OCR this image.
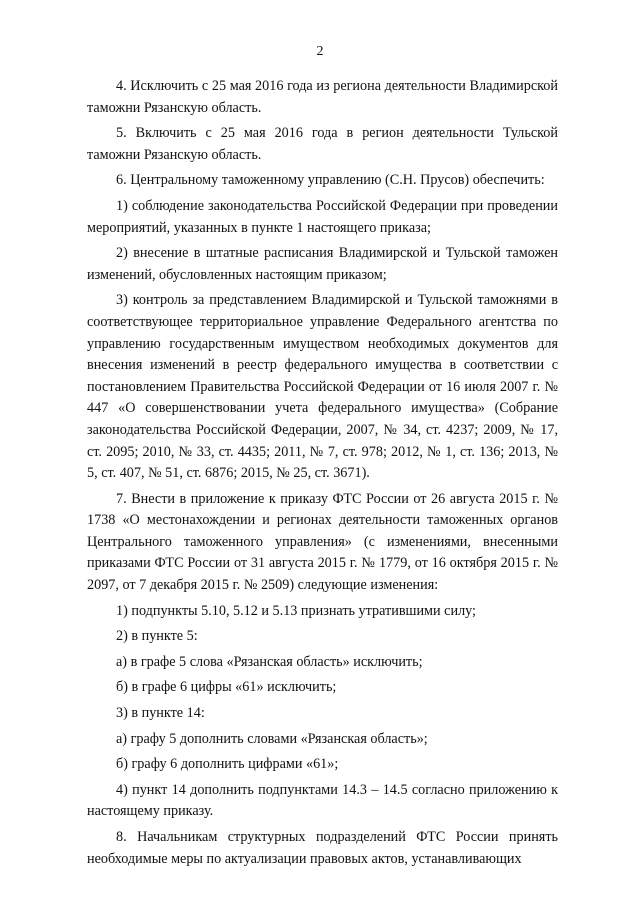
2

4. Исключить с 25 мая 2016 года из региона деятельности Владимирской таможни Рязанскую область.

5. Включить с 25 мая 2016 года в регион деятельности Тульской таможни Рязанскую область.

6. Центральному таможенному управлению (С.Н. Прусов) обеспечить:

1) соблюдение законодательства Российской Федерации при проведении мероприятий, указанных в пункте 1 настоящего приказа;

2) внесение в штатные расписания Владимирской и Тульской таможен изменений, обусловленных настоящим приказом;

3) контроль за представлением Владимирской и Тульской таможнями в соответствующее территориальное управление Федерального агентства по управлению государственным имуществом необходимых документов для внесения изменений в реестр федерального имущества в соответствии с постановлением Правительства Российской Федерации от 16 июля 2007 г. № 447 «О совершенствовании учета федерального имущества» (Собрание законодательства Российской Федерации, 2007, № 34, ст. 4237; 2009, № 17, ст. 2095; 2010, № 33, ст. 4435; 2011, № 7, ст. 978; 2012, № 1, ст. 136; 2013, № 5, ст. 407, № 51, ст. 6876; 2015, № 25, ст. 3671).

7. Внести в приложение к приказу ФТС России от 26 августа 2015 г. № 1738 «О местонахождении и регионах деятельности таможенных органов Центрального таможенного управления» (с изменениями, внесенными приказами ФТС России от 31 августа 2015 г. № 1779, от 16 октября 2015 г. № 2097, от 7 декабря 2015 г. № 2509) следующие изменения:

1) подпункты 5.10, 5.12 и 5.13 признать утратившими силу;

2) в пункте 5:

а) в графе 5 слова «Рязанская область» исключить;

б) в графе 6 цифры «61» исключить;

3) в пункте 14:

а) графу 5 дополнить словами «Рязанская область»;

б) графу 6 дополнить цифрами «61»;

4) пункт 14 дополнить подпунктами 14.3 – 14.5 согласно приложению к настоящему приказу.

8. Начальникам структурных подразделений ФТС России принять необходимые меры по актуализации правовых актов, устанавливающих
